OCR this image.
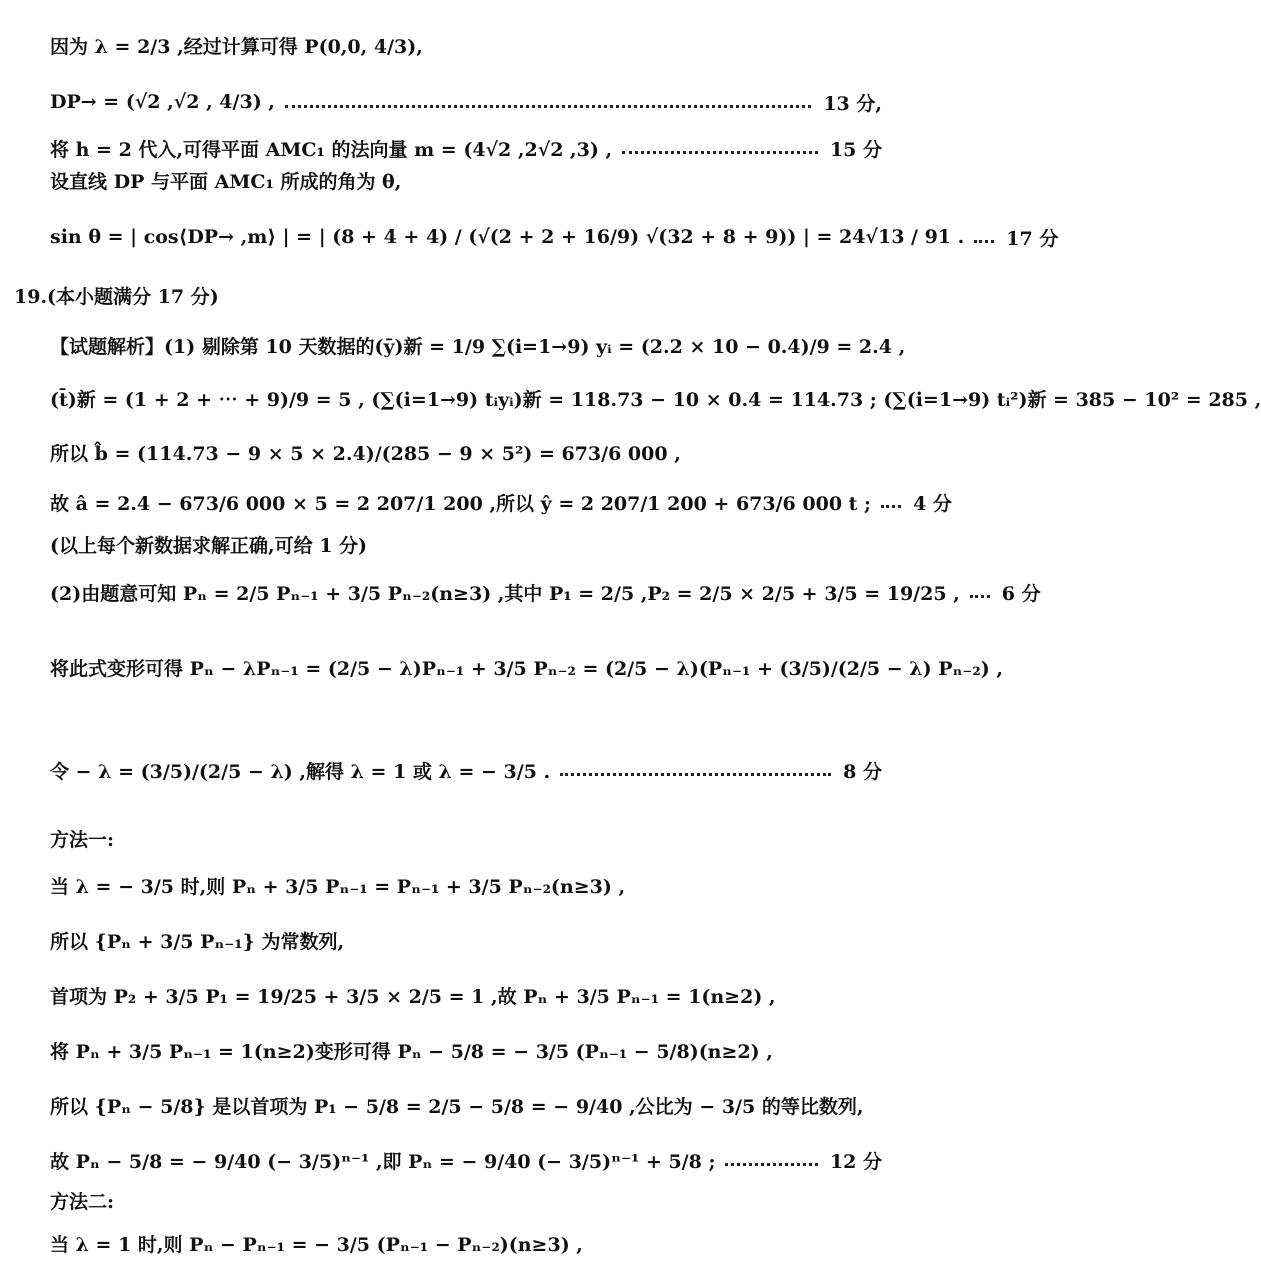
因为 λ = 2/3 ,经过计算可得 P(0,0, 4/3),
DP→ = (√2 ,√2 , 4/3) ,	13 分,
将 h = 2 代入,可得平面 AMC₁ 的法向量 m = (4√2 ,2√2 ,3) ,	15 分
设直线 DP 与平面 AMC₁ 所成的角为 θ,
sin θ = | cos⟨DP→ ,m⟩ | = | (8 + 4 + 4) / (√(2 + 2 + 16/9) √(32 + 8 + 9)) | = 24√13 / 91 . 17 分
19.(本小题满分 17 分)
【试题解析】(1) 剔除第 10 天数据的(ȳ)新 = 1/9 ∑(i=1→9) yᵢ = (2.2 × 10 − 0.4)/9 = 2.4 ,
(t̄)新 = (1 + 2 + ⋯ + 9)/9 = 5 , (∑(i=1→9) tᵢyᵢ)新 = 118.73 − 10 × 0.4 = 114.73 ; (∑(i=1→9) tᵢ²)新 = 385 − 10² = 285 ,
所以 b̂ = (114.73 − 9 × 5 × 2.4)/(285 − 9 × 5²) = 673/6 000 ,
故 â = 2.4 − 673/6 000 × 5 = 2 207/1 200 ,所以 ŷ = 2 207/1 200 + 673/6 000 t ; 4 分
(以上每个新数据求解正确,可给 1 分)
(2)由题意可知 Pₙ = 2/5 Pₙ₋₁ + 3/5 Pₙ₋₂(n≥3) ,其中 P₁ = 2/5 ,P₂ = 2/5 × 2/5 + 3/5 = 19/25 , 6 分
将此式变形可得 Pₙ − λPₙ₋₁ = (2/5 − λ)Pₙ₋₁ + 3/5 Pₙ₋₂ = (2/5 − λ)(Pₙ₋₁ + (3/5)/(2/5 − λ) Pₙ₋₂) ,
令 − λ = (3/5)/(2/5 − λ) ,解得 λ = 1 或 λ = − 3/5 .	8 分
方法一:
当 λ = − 3/5 时,则 Pₙ + 3/5 Pₙ₋₁ = Pₙ₋₁ + 3/5 Pₙ₋₂(n≥3) ,
所以 {Pₙ + 3/5 Pₙ₋₁} 为常数列,
首项为 P₂ + 3/5 P₁ = 19/25 + 3/5 × 2/5 = 1 ,故 Pₙ + 3/5 Pₙ₋₁ = 1(n≥2) ,
将 Pₙ + 3/5 Pₙ₋₁ = 1(n≥2)变形可得 Pₙ − 5/8 = − 3/5 (Pₙ₋₁ − 5/8)(n≥2) ,
所以 {Pₙ − 5/8} 是以首项为 P₁ − 5/8 = 2/5 − 5/8 = − 9/40 ,公比为 − 3/5 的等比数列,
故 Pₙ − 5/8 = − 9/40 (− 3/5)ⁿ⁻¹ ,即 Pₙ = − 9/40 (− 3/5)ⁿ⁻¹ + 5/8 ;	12 分
方法二:
当 λ = 1 时,则 Pₙ − Pₙ₋₁ = − 3/5 (Pₙ₋₁ − Pₙ₋₂)(n≥3) ,
